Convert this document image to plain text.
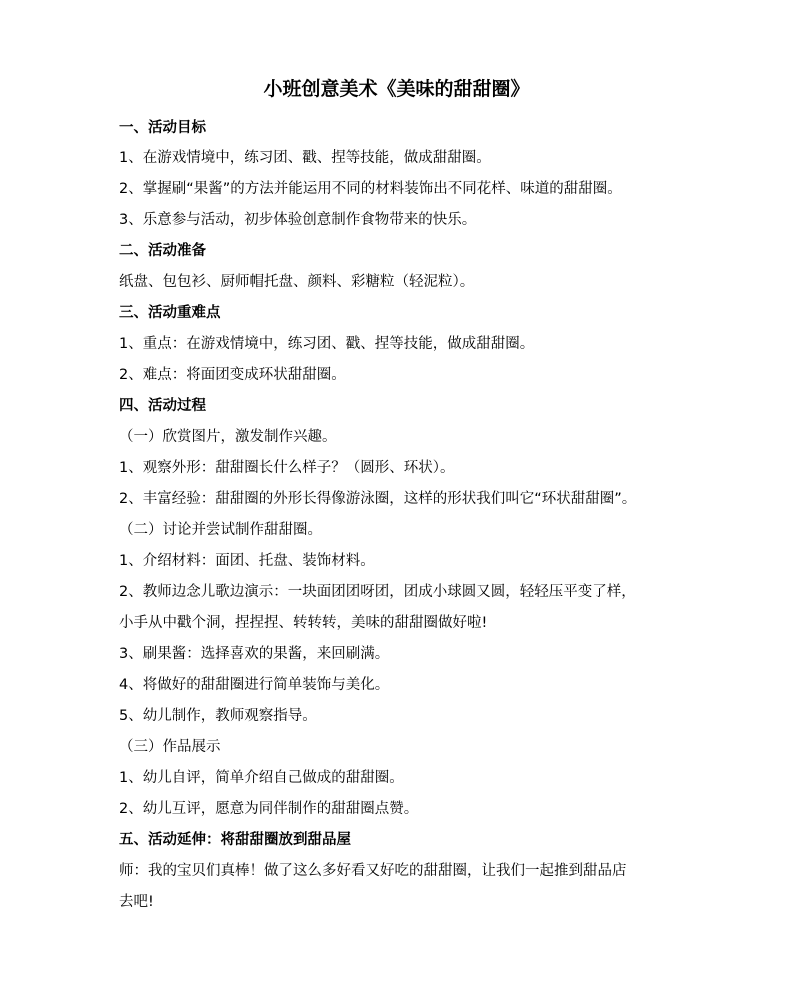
小班创意美术《美味的甜甜圈》
一、活动目标
1、在游戏情境中，练习团、戳、捏等技能，做成甜甜圈。
2、掌握刷“果酱”的方法并能运用不同的材料装饰出不同花样、味道的甜甜圈。
3、乐意参与活动，初步体验创意制作食物带来的快乐。
二、活动准备
纸盘、包包衫、厨师帽托盘、颜料、彩糖粒（轻泥粒）。
三、活动重难点
1、重点：在游戏情境中，练习团、戳、捏等技能，做成甜甜圈。
2、难点：将面团变成环状甜甜圈。
四、活动过程
（一）欣赏图片，激发制作兴趣。
1、观察外形：甜甜圈长什么样子？（圆形、环状）。
2、丰富经验：甜甜圈的外形长得像游泳圈，这样的形状我们叫它“环状甜甜圈”。
（二）讨论并尝试制作甜甜圈。
1、介绍材料：面团、托盘、装饰材料。
2、教师边念儿歌边演示：一块面团团呀团，团成小球圆又圆，轻轻压平变了样，
小手从中戳个洞，捏捏捏、转转转，美味的甜甜圈做好啦!
3、刷果酱：选择喜欢的果酱，来回刷满。
4、将做好的甜甜圈进行简单装饰与美化。
5、幼儿制作，教师观察指导。
（三）作品展示
1、幼儿自评，简单介绍自己做成的甜甜圈。
2、幼儿互评，愿意为同伴制作的甜甜圈点赞。
五、活动延伸：将甜甜圈放到甜品屋
师：我的宝贝们真棒！做了这么多好看又好吃的甜甜圈，让我们一起推到甜品店
去吧!
